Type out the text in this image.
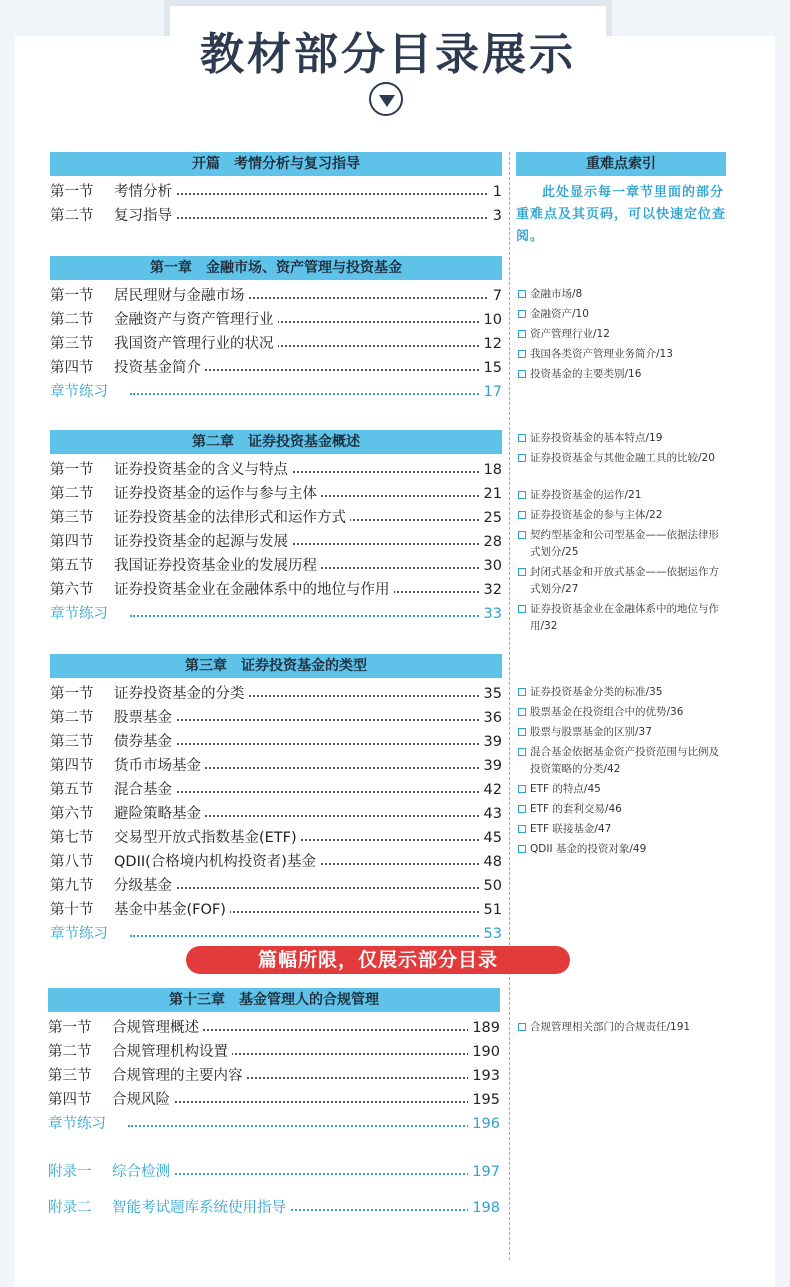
教材部分目录展示
开篇　考情分析与复习指导
第一节 考情分析	1
第二节 复习指导	3
第一章　金融市场、资产管理与投资基金
第一节 居民理财与金融市场	7
第二节 金融资产与资产管理行业	10
第三节 我国资产管理行业的状况	12
第四节 投资基金简介	15
章节练习	17
第二章　证券投资基金概述
第一节 证券投资基金的含义与特点	18
第二节 证券投资基金的运作与参与主体	21
第三节 证券投资基金的法律形式和运作方式	25
第四节 证券投资基金的起源与发展	28
第五节 我国证券投资基金业的发展历程	30
第六节 证券投资基金业在金融体系中的地位与作用	32
章节练习	33
第三章　证券投资基金的类型
第一节 证券投资基金的分类	35
第二节 股票基金	36
第三节 债券基金	39
第四节 货币市场基金	39
第五节 混合基金	42
第六节 避险策略基金	43
第七节 交易型开放式指数基金(ETF)	45
第八节 QDII(合格境内机构投资者)基金	48
第九节 分级基金	50
第十节 基金中基金(FOF)	51
章节练习	53
第十三章　基金管理人的合规管理
第一节 合规管理概述	189
第二节 合规管理机构设置	190
第三节 合规管理的主要内容	193
第四节 合规风险	195
章节练习	196
附录一 综合检测	197
附录二 智能考试题库系统使用指导	198
重难点索引
此处显示每一章节里面的部分重难点及其页码，可以快速定位查阅。
金融市场/8
金融资产/10
资产管理行业/12
我国各类资产管理业务简介/13
投资基金的主要类别/16
证券投资基金的基本特点/19
证券投资基金与其他金融工具的比较/20
证券投资基金的运作/21
证券投资基金的参与主体/22
契约型基金和公司型基金——依据法律形式划分/25
封闭式基金和开放式基金——依据运作方式划分/27
证券投资基金业在金融体系中的地位与作用/32
证券投资基金分类的标准/35
股票基金在投资组合中的优势/36
股票与股票基金的区别/37
混合基金依据基金资产投资范围与比例及投资策略的分类/42
ETF 的特点/45
ETF 的套利交易/46
ETF 联接基金/47
QDII 基金的投资对象/49
合规管理相关部门的合规责任/191
篇幅所限，仅展示部分目录
